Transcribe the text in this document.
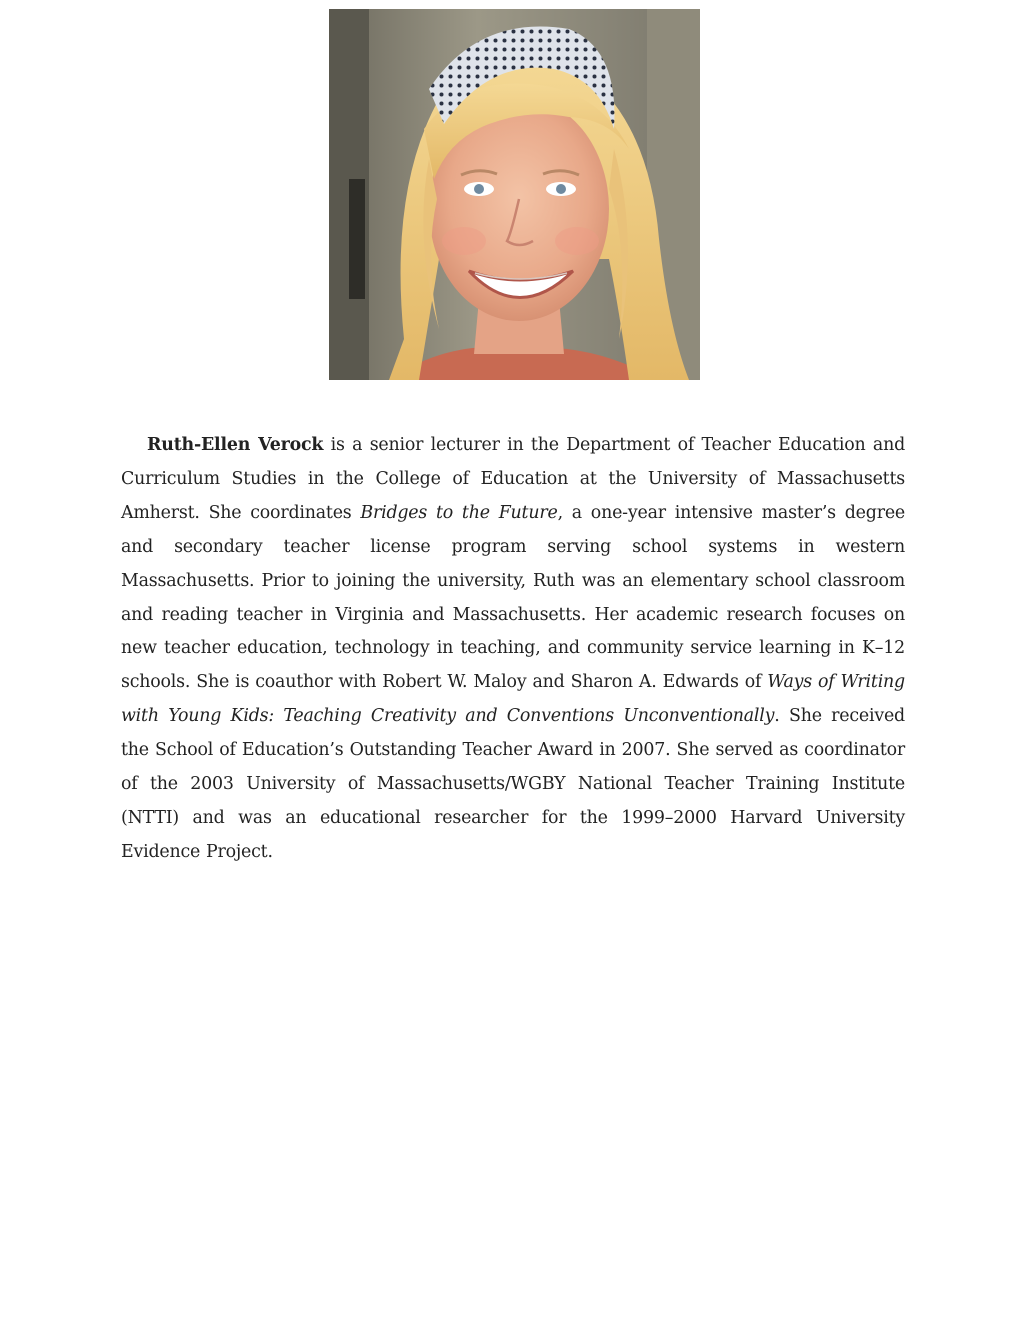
Ruth-Ellen Verock is a senior lecturer in the Department of Teacher Education and Curriculum Studies in the College of Education at the University of Massachusetts Amherst. She coordinates Bridges to the Future, a one-year intensive master’s degree and secondary teacher license program serving school systems in western Massachusetts. Prior to joining the university, Ruth was an elementary school classroom and reading teacher in Virginia and Massachusetts. Her academic research focuses on new teacher education, technology in teaching, and community service learning in K–12 schools. She is coauthor with Robert W. Maloy and Sharon A. Edwards of Ways of Writing with Young Kids: Teaching Creativity and Conventions Unconventionally. She received the School of Education’s Outstanding Teacher Award in 2007. She served as coordinator of the 2003 University of Massachusetts/WGBY National Teacher Training Institute (NTTI) and was an educational researcher for the 1999–2000 Harvard University Evidence Project.
